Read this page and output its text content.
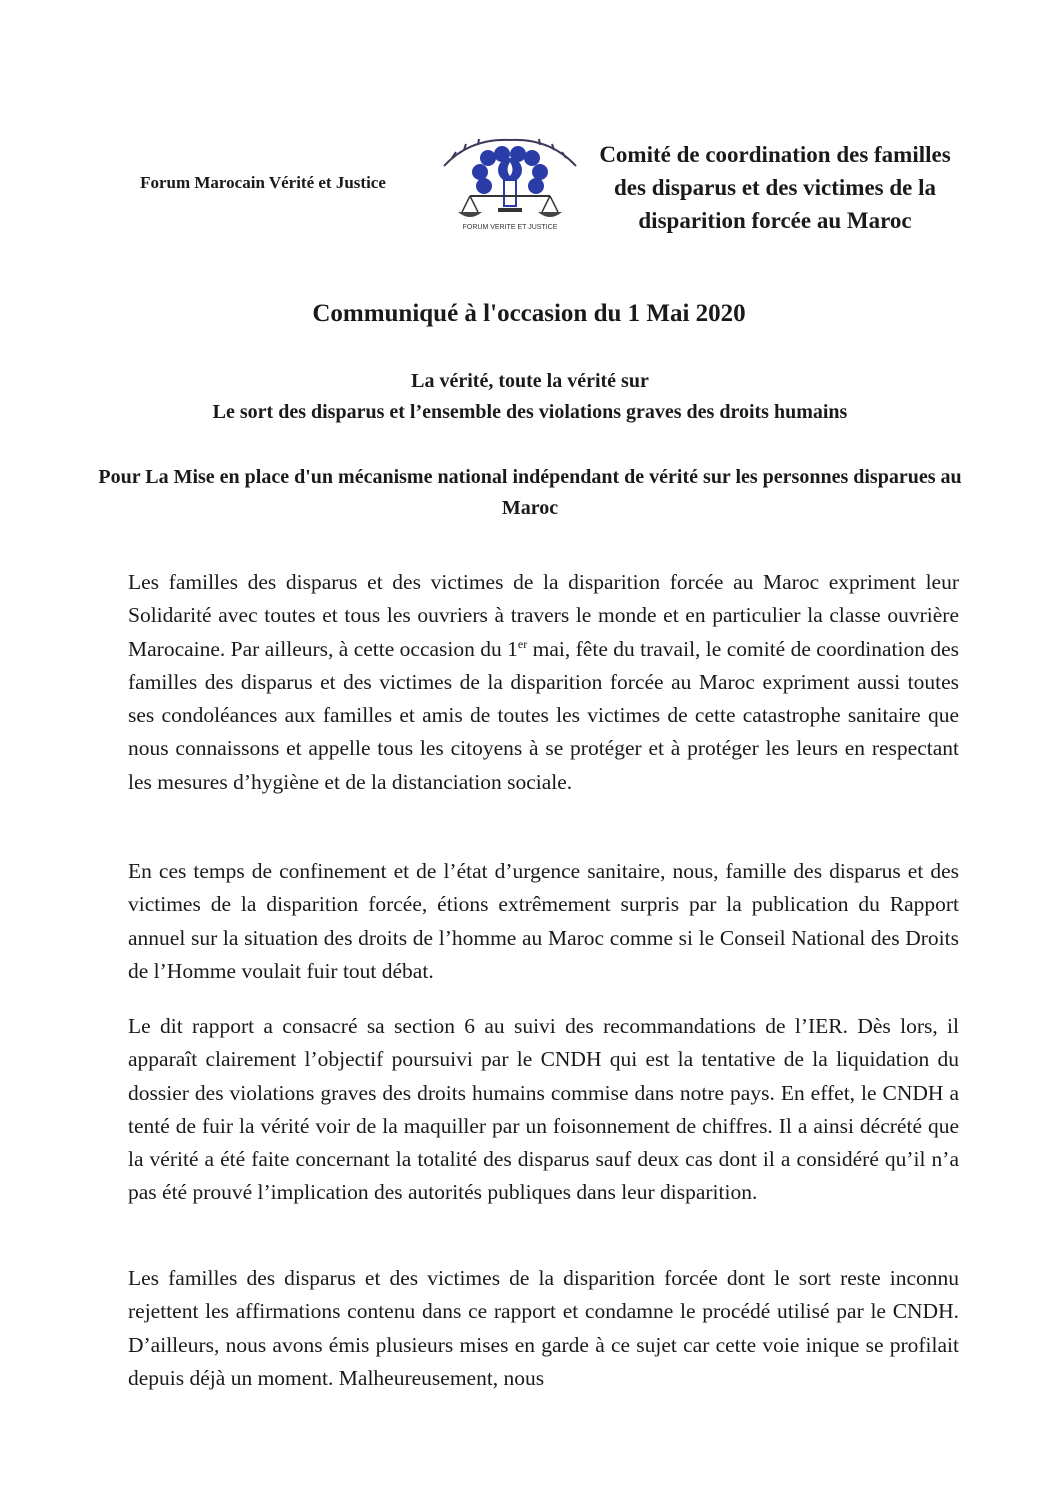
Forum Marocain Vérité et Justice
FORUM VERITE ET JUSTICE
Comité de coordination des familles des disparus et des victimes de la disparition forcée au Maroc
Communiqué à l'occasion du 1 Mai 2020
La vérité, toute la vérité sur
Le sort des disparus et l’ensemble des violations graves des droits humains
Pour La Mise en place d'un mécanisme national indépendant de vérité sur les personnes disparues au Maroc

Les familles des disparus et des victimes de la disparition forcée au Maroc expriment leur Solidarité avec toutes et tous les ouvriers à travers le monde et en particulier la classe ouvrière Marocaine. Par ailleurs, à cette occasion du 1er mai, fête du travail, le comité de coordination des familles des disparus et des victimes de la disparition forcée au Maroc expriment aussi toutes ses condoléances aux familles et amis de toutes les victimes de cette catastrophe sanitaire que nous connaissons et appelle tous les citoyens à se protéger et à protéger les leurs en respectant les mesures d’hygiène et de la distanciation sociale.

En ces temps de confinement et de l’état d’urgence sanitaire, nous, famille des disparus et des victimes de la disparition forcée, étions extrêmement surpris par la publication du Rapport annuel sur la situation des droits de l’homme au Maroc comme si le Conseil National des Droits de l’Homme voulait fuir tout débat.

Le dit rapport a consacré sa section 6 au suivi des recommandations de l’IER. Dès lors, il apparaît clairement l’objectif poursuivi par le CNDH qui est la tentative de la liquidation du dossier des violations graves des droits humains commise dans notre pays. En effet, le CNDH a tenté de fuir la vérité voir de la maquiller par un foisonnement de chiffres. Il a ainsi décrété que la vérité a été faite concernant la totalité des disparus sauf deux cas dont il a considéré qu’il n’a pas été prouvé l’implication des autorités publiques dans leur disparition.

Les familles des disparus et des victimes de la disparition forcée dont le sort reste inconnu rejettent les affirmations contenu dans ce rapport et condamne le procédé utilisé par le CNDH. D’ailleurs, nous avons émis plusieurs mises en garde à ce sujet car cette voie inique se profilait depuis déjà un moment. Malheureusement, nous
